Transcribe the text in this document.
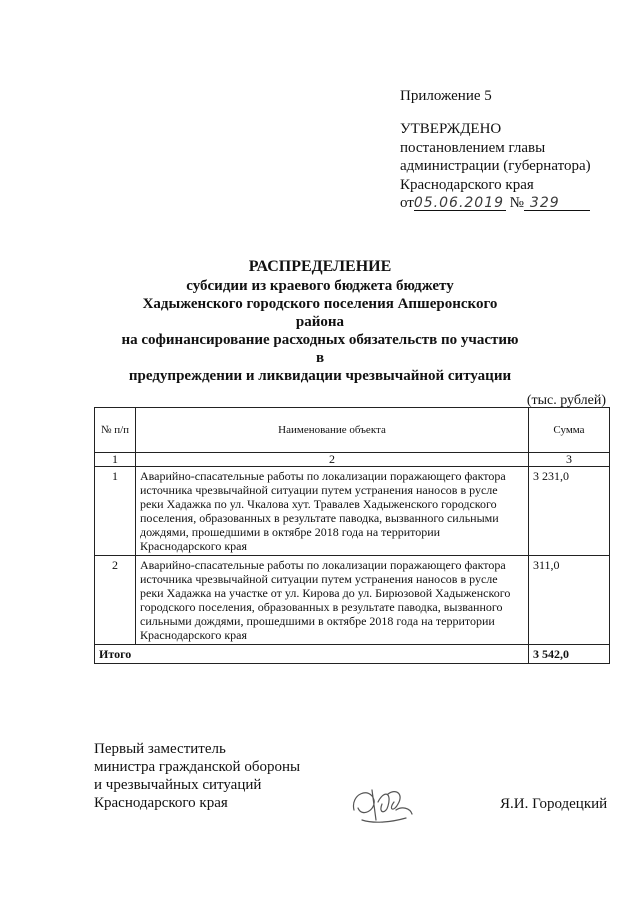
Приложение 5
УТВЕРЖДЕНО
постановлением главы
администрации (губернатора)
Краснодарского края
от05.06.2019 № 329
РАСПРЕДЕЛЕНИЕ
субсидии из краевого бюджета бюджету
Хадыженского городского поселения Апшеронского района
на софинансирование расходных обязательств по участию в
предупреждении и ликвидации чрезвычайной ситуации
(тыс. рублей)
№ п/п	Наименование объекта	Сумма
1	2	3
1	Аварийно-спасательные работы по локализации поражающего фактора источника чрезвычайной ситуации путем устранения наносов в русле реки Хадажка по ул. Чкалова хут. Травалев Хадыженского городского поселения, образованных в результате паводка, вызванного сильными дождями, прошедшими в октябре 2018 года на территории Краснодарского края	3 231,0
2	Аварийно-спасательные работы по локализации поражающего фактора источника чрезвычайной ситуации путем устранения наносов в русле реки Хадажка на участке от ул. Кирова до ул. Бирюзовой Хадыженского городского поселения, образованных в результате паводка, вызванного сильными дождями, прошедшими в октябре 2018 года на территории Краснодарского края	311,0
Итого		3 542,0
Первый заместитель
министра гражданской обороны
и чрезвычайных ситуаций
Краснодарского края	Я.И. Городецкий
